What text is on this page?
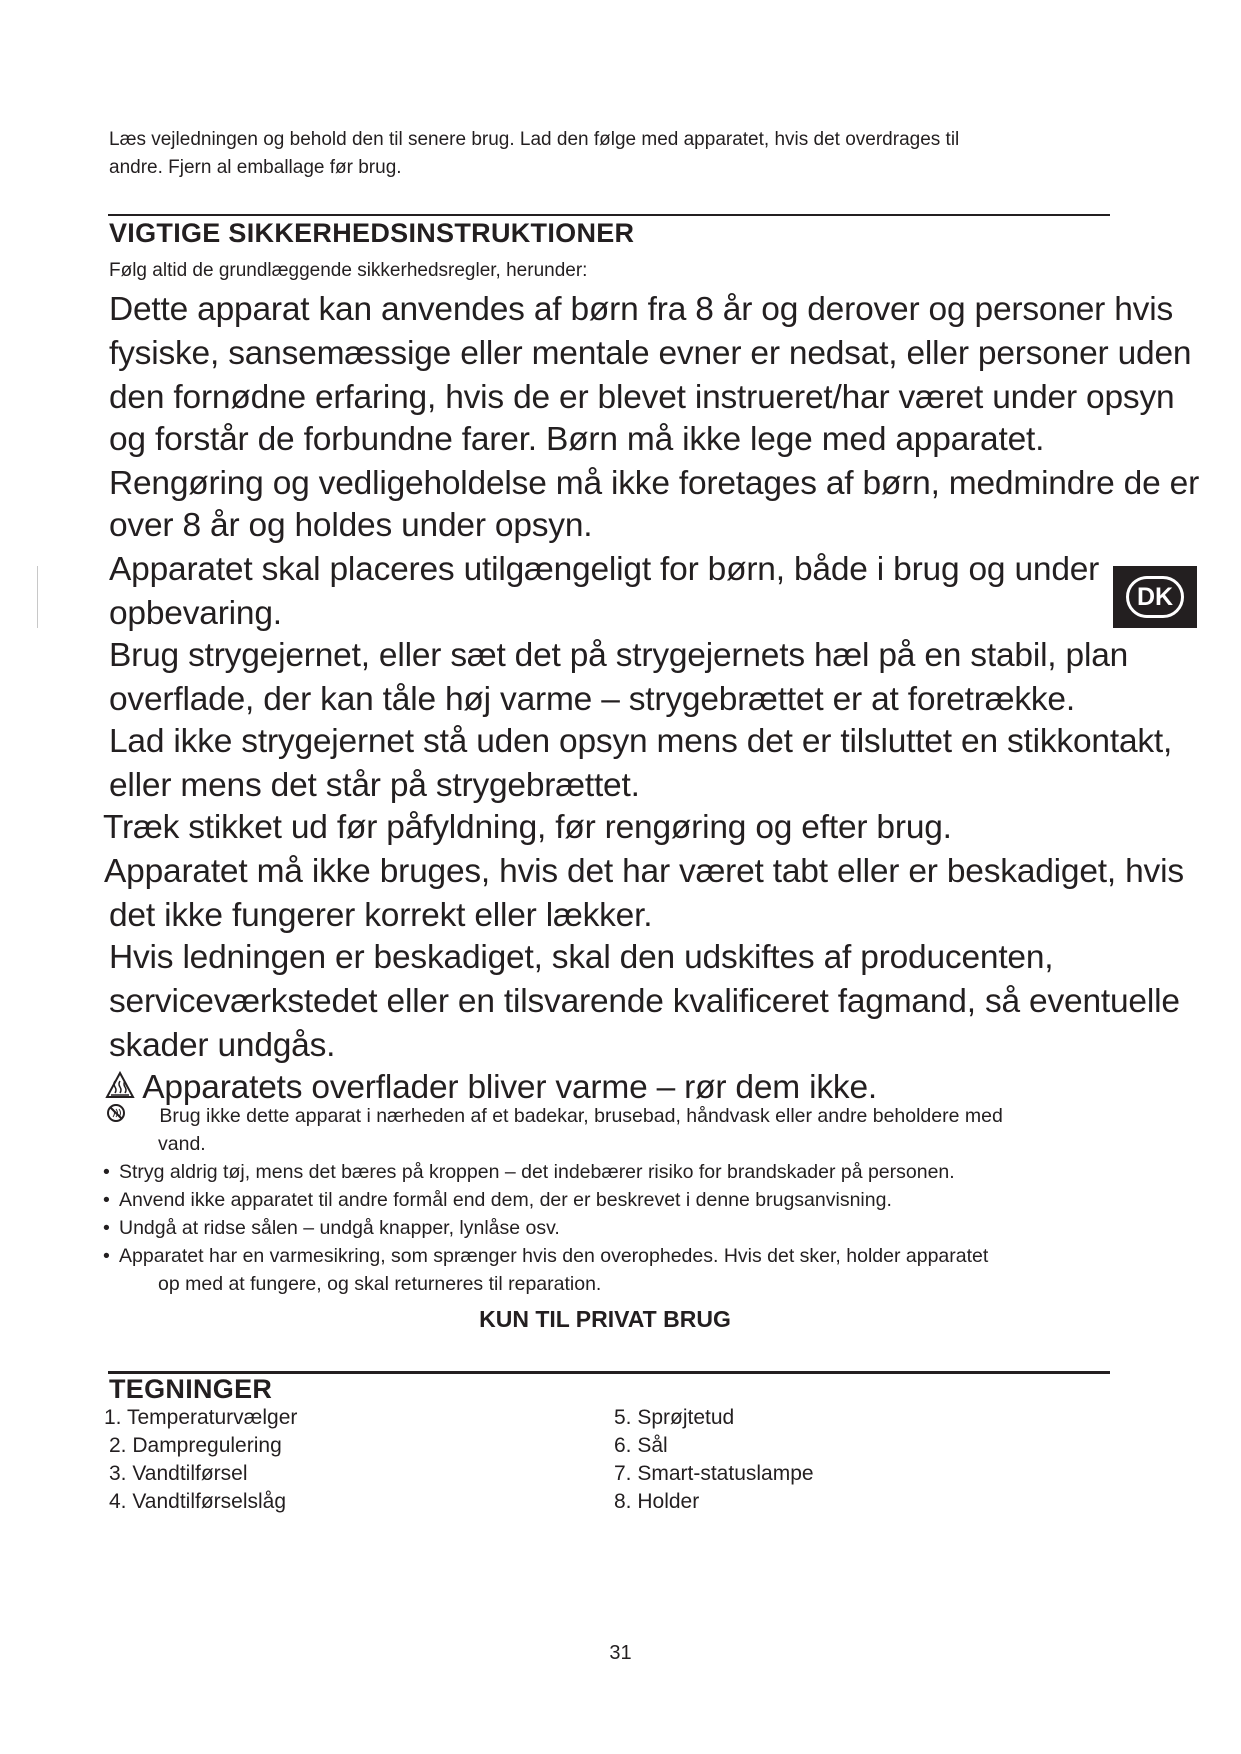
Læs vejledningen og behold den til senere brug. Lad den følge med apparatet, hvis det overdrages til
andre. Fjern al emballage før brug.
VIGTIGE SIKKERHEDSINSTRUKTIONER
Følg altid de grundlæggende sikkerhedsregler, herunder:
Dette apparat kan anvendes af børn fra 8 år og derover og personer hvis
fysiske, sansemæssige eller mentale evner er nedsat, eller personer uden
den fornødne erfaring, hvis de er blevet instrueret/har været under opsyn
og forstår de forbundne farer. Børn må ikke lege med apparatet.
Rengøring og vedligeholdelse må ikke foretages af børn, medmindre de er
over 8 år og holdes under opsyn.
Apparatet skal placeres utilgængeligt for børn, både i brug og under
opbevaring.
Brug strygejernet, eller sæt det på strygejernets hæl på en stabil, plan
overflade, der kan tåle høj varme – strygebrættet er at foretrække.
Lad ikke strygejernet stå uden opsyn mens det er tilsluttet en stikkontakt,
eller mens det står på strygebrættet.
Træk stikket ud før påfyldning, før rengøring og efter brug.
Apparatet må ikke bruges, hvis det har været tabt eller er beskadiget, hvis
det ikke fungerer korrekt eller lækker.
Hvis ledningen er beskadiget, skal den udskiftes af producenten,
serviceværkstedet eller en tilsvarende kvalificeret fagmand, så eventuelle
skader undgås.
Apparatets overflader bliver varme – rør dem ikke.
Brug ikke dette apparat i nærheden af et badekar, brusebad, håndvask eller andre beholdere med
vand.
• Stryg aldrig tøj, mens det bæres på kroppen – det indebærer risiko for brandskader på personen.
• Anvend ikke apparatet til andre formål end dem, der er beskrevet i denne brugsanvisning.
• Undgå at ridse sålen – undgå knapper, lynlåse osv.
• Apparatet har en varmesikring, som sprænger hvis den overophedes. Hvis det sker, holder apparatet
op med at fungere, og skal returneres til reparation.
KUN TIL PRIVAT BRUG
TEGNINGER
1. Temperaturvælger
2. Dampregulering
3. Vandtilførsel
4. Vandtilførselslåg
5. Sprøjtetud
6. Sål
7. Smart-statuslampe
8. Holder
DK
31
